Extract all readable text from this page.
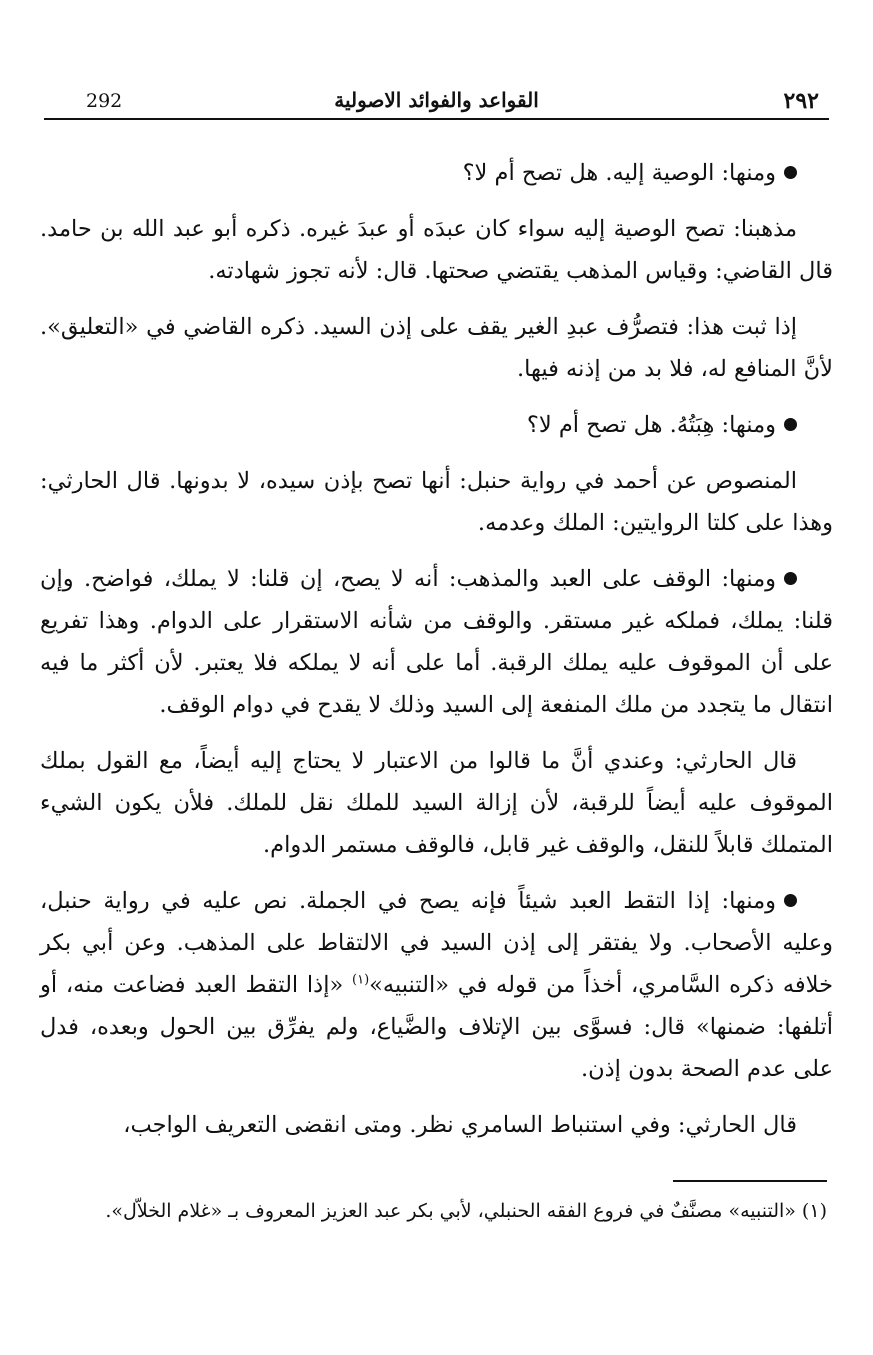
٢٩٢
القواعد والفوائد الاصولية
292

ومنها: الوصية إليه. هل تصح أم لا؟

مذهبنا: تصح الوصية إليه سواء كان عبدَه أو عبدَ غيره. ذكره أبو عبد الله بن حامد. قال القاضي: وقياس المذهب يقتضي صحتها. قال: لأنه تجوز شهادته.

إذا ثبت هذا: فتصرُّف عبدِ الغير يقف على إذن السيد. ذكره القاضي في «التعليق». لأنَّ المنافع له، فلا بد من إذنه فيها.

ومنها: هِبَتُهُ. هل تصح أم لا؟

المنصوص عن أحمد في رواية حنبل: أنها تصح بإذن سيده، لا بدونها. قال الحارثي: وهذا على كلتا الروايتين: الملك وعدمه.

ومنها: الوقف على العبد والمذهب: أنه لا يصح، إن قلنا: لا يملك، فواضح. وإن قلنا: يملك، فملكه غير مستقر. والوقف من شأنه الاستقرار على الدوام. وهذا تفريع على أن الموقوف عليه يملك الرقبة. أما على أنه لا يملكه فلا يعتبر. لأن أكثر ما فيه انتقال ما يتجدد من ملك المنفعة إلى السيد وذلك لا يقدح في دوام الوقف.

قال الحارثي: وعندي أنَّ ما قالوا من الاعتبار لا يحتاج إليه أيضاً، مع القول بملك الموقوف عليه أيضاً للرقبة، لأن إزالة السيد للملك نقل للملك. فلأن يكون الشيء المتملك قابلاً للنقل، والوقف غير قابل، فالوقف مستمر الدوام.

ومنها: إذا التقط العبد شيئاً فإنه يصح في الجملة. نص عليه في رواية حنبل، وعليه الأصحاب. ولا يفتقر إلى إذن السيد في الالتقاط على المذهب. وعن أبي بكر خلافه ذكره السَّامري، أخذاً من قوله في «التنبيه»$^{(١)}$ «إذا التقط العبد فضاعت منه، أو أتلفها: ضمنها» قال: فسوَّى بين الإتلاف والضَّياع، ولم يفرِّق بين الحول وبعده، فدل على عدم الصحة بدون إذن.

قال الحارثي: وفي استنباط السامري نظر. ومتى انقضى التعريف الواجب،

(١) «التنبيه» مصنَّفٌ في فروع الفقه الحنبلي، لأبي بكر عبد العزيز المعروف بـ «غلام الخلاّل».
